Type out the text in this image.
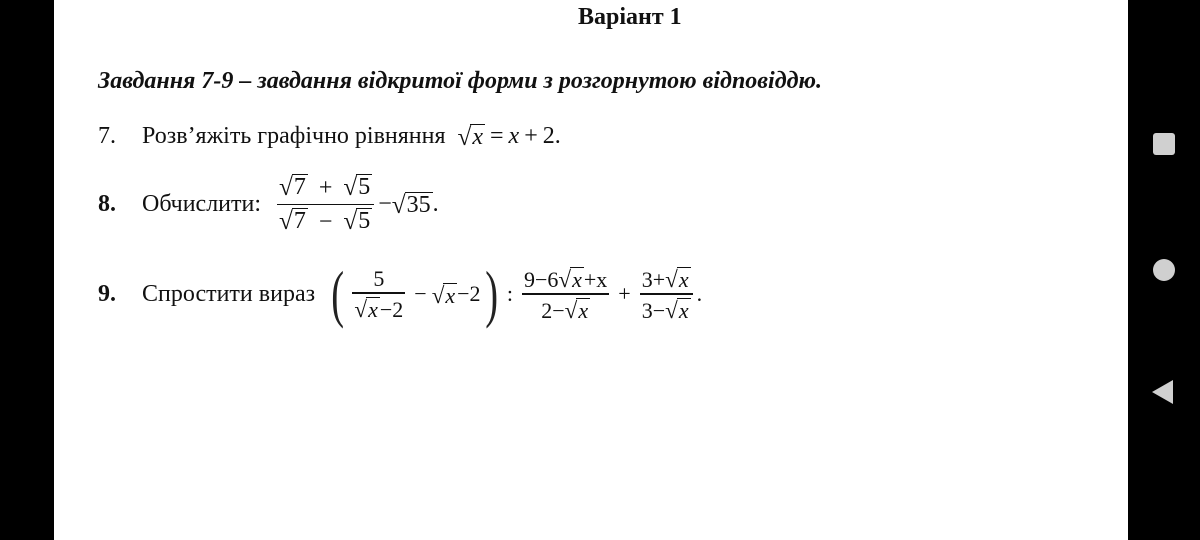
Варіант 1
Завдання 7-9 – завдання відкритої форми з розгорнутою відповіддю.
7.	Розв’яжіть графічно рівняння √ x = x + 2 .
8.	Обчислити: $\frac{√ 7 + √ 5}{√ 7 - √ 5}$ − √ 35 .
9.	Спростити вираз ( $\frac{5}{√ x -2}$ − √ x −2 ) : $\frac{9-6 √ x +x}{2- √ x} + \frac{3+ √ x}{3- √ x}$ .
